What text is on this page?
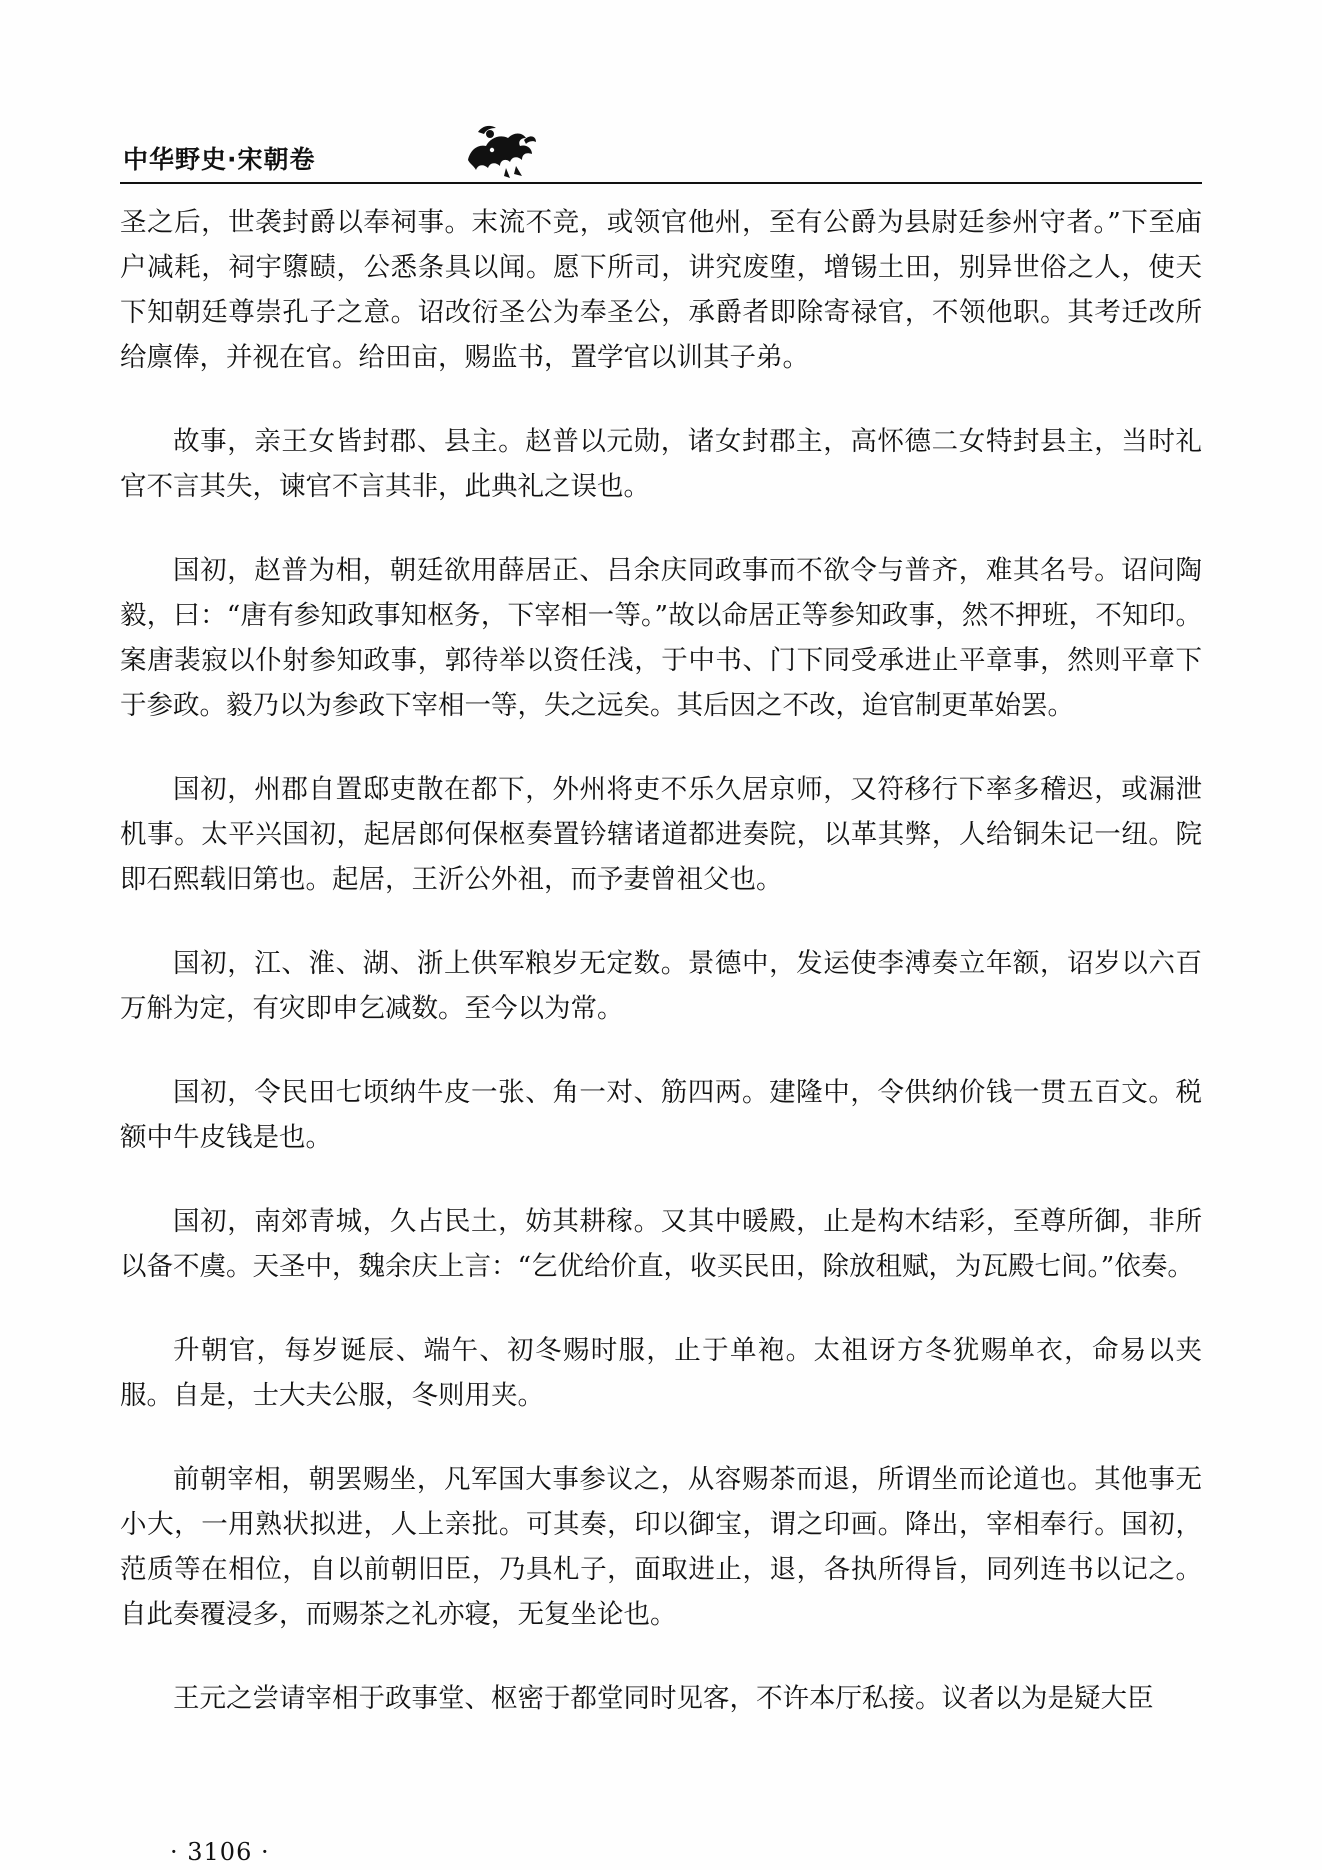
中华野史·宋朝卷

圣之后，世袭封爵以奉祠事。末流不竞，或领官他州，至有公爵为县尉廷参州守者。”下至庙户减耗，祠宇隳赜，公悉条具以闻。愿下所司，讲究废堕，增锡土田，别异世俗之人，使天下知朝廷尊崇孔子之意。诏改衍圣公为奉圣公，承爵者即除寄禄官，不领他职。其考迁改所给廪俸，并视在官。给田亩，赐监书，置学官以训其子弟。

故事，亲王女皆封郡、县主。赵普以元勋，诸女封郡主，高怀德二女特封县主，当时礼官不言其失，谏官不言其非，此典礼之误也。

国初，赵普为相，朝廷欲用薛居正、吕余庆同政事而不欲令与普齐，难其名号。诏问陶毅，曰：“唐有参知政事知枢务，下宰相一等。”故以命居正等参知政事，然不押班，不知印。案唐裴寂以仆射参知政事，郭待举以资任浅，于中书、门下同受承进止平章事，然则平章下于参政。毅乃以为参政下宰相一等，失之远矣。其后因之不改，迨官制更革始罢。

国初，州郡自置邸吏散在都下，外州将吏不乐久居京师，又符移行下率多稽迟，或漏泄机事。太平兴国初，起居郎何保枢奏置钤辖诸道都进奏院，以革其弊，人给铜朱记一纽。院即石熙载旧第也。起居，王沂公外祖，而予妻曾祖父也。

国初，江、淮、湖、浙上供军粮岁无定数。景德中，发运使李溥奏立年额，诏岁以六百万斛为定，有灾即申乞减数。至今以为常。

国初，令民田七顷纳牛皮一张、角一对、筋四两。建隆中，令供纳价钱一贯五百文。税额中牛皮钱是也。

国初，南郊青城，久占民土，妨其耕稼。又其中暖殿，止是构木结彩，至尊所御，非所以备不虞。天圣中，魏余庆上言：“乞优给价直，收买民田，除放租赋，为瓦殿七间。”依奏。

升朝官，每岁诞辰、端午、初冬赐时服，止于单袍。太祖讶方冬犹赐单衣，命易以夹服。自是，士大夫公服，冬则用夹。

前朝宰相，朝罢赐坐，凡军国大事参议之，从容赐茶而退，所谓坐而论道也。其他事无小大，一用熟状拟进，人上亲批。可其奏，印以御宝，谓之印画。降出，宰相奉行。国初，范质等在相位，自以前朝旧臣，乃具札子，面取进止，退，各执所得旨，同列连书以记之。自此奏覆浸多，而赐茶之礼亦寝，无复坐论也。

王元之尝请宰相于政事堂、枢密于都堂同时见客，不许本厅私接。议者以为是疑大臣

· 3106 ·
